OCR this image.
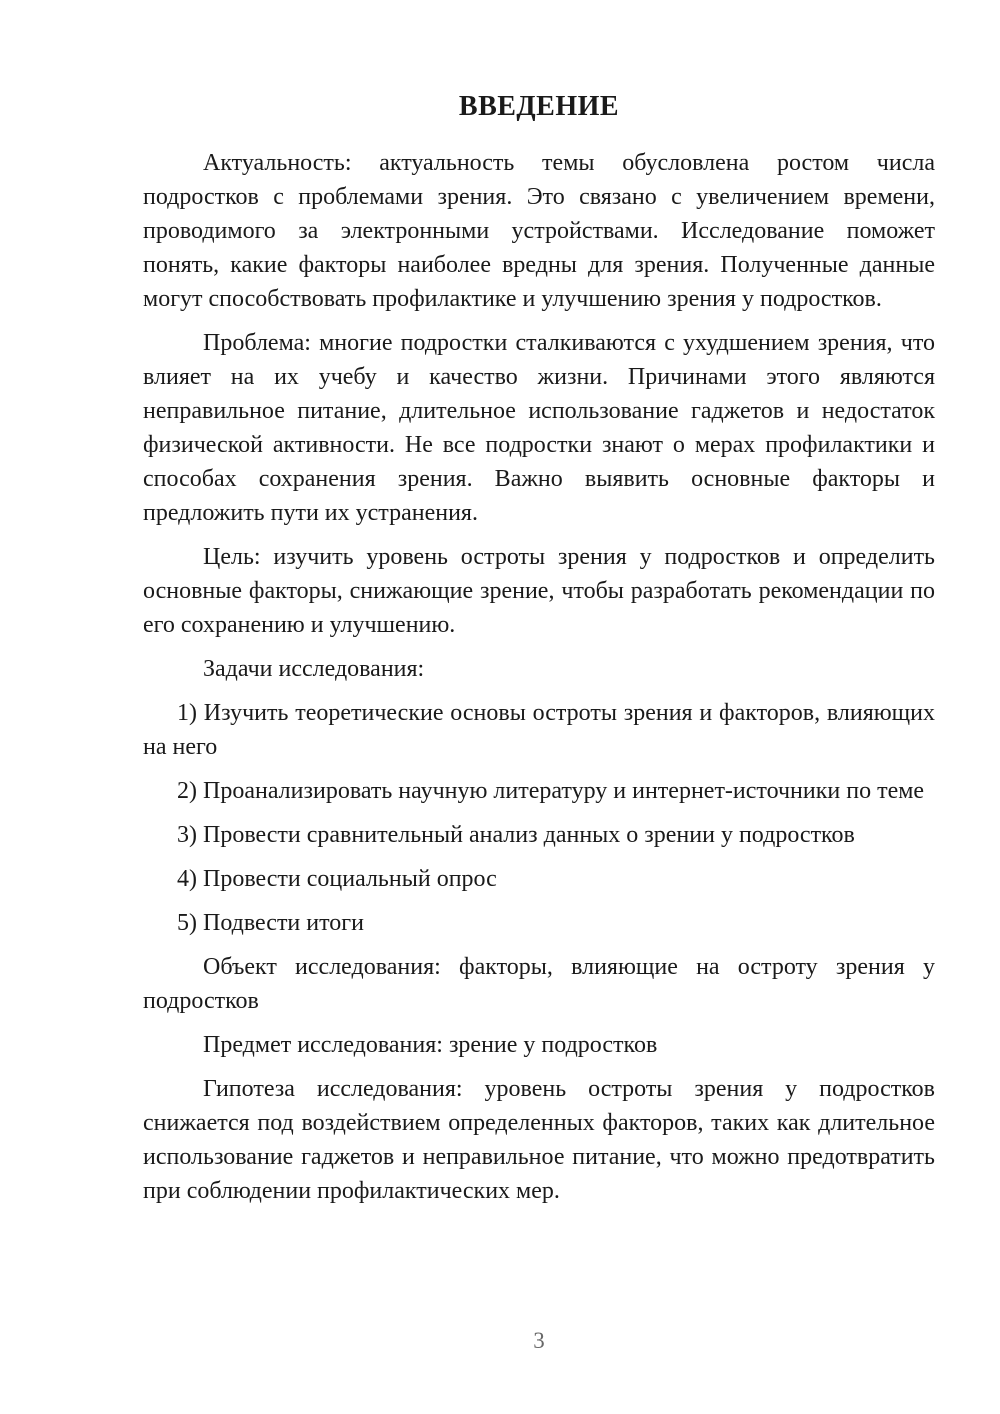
ВВЕДЕНИЕ

Актуальность: актуальность темы обусловлена ростом числа подростков с проблемами зрения. Это связано с увеличением времени, проводимого за электронными устройствами. Исследование поможет понять, какие факторы наиболее вредны для зрения. Полученные данные могут способствовать профилактике и улучшению зрения у подростков.

Проблема: многие подростки сталкиваются с ухудшением зрения, что влияет на их учебу и качество жизни. Причинами этого являются неправильное питание, длительное использование гаджетов и недостаток физической активности. Не все подростки знают о мерах профилактики и способах сохранения зрения. Важно выявить основные факторы и предложить пути их устранения.

Цель: изучить уровень остроты зрения у подростков и определить основные факторы, снижающие зрение, чтобы разработать рекомендации по его сохранению и улучшению.

Задачи исследования:

1) Изучить теоретические основы остроты зрения и факторов, влияющих на него

2) Проанализировать научную литературу и интернет-источники по теме

3) Провести сравнительный анализ данных о зрении у подростков

4) Провести социальный опрос

5) Подвести итоги

Объект исследования: факторы, влияющие на остроту зрения у подростков

Предмет исследования: зрение у подростков

Гипотеза исследования: уровень остроты зрения у подростков снижается под воздействием определенных факторов, таких как длительное использование гаджетов и неправильное питание, что можно предотвратить при соблюдении профилактических мер.

3
